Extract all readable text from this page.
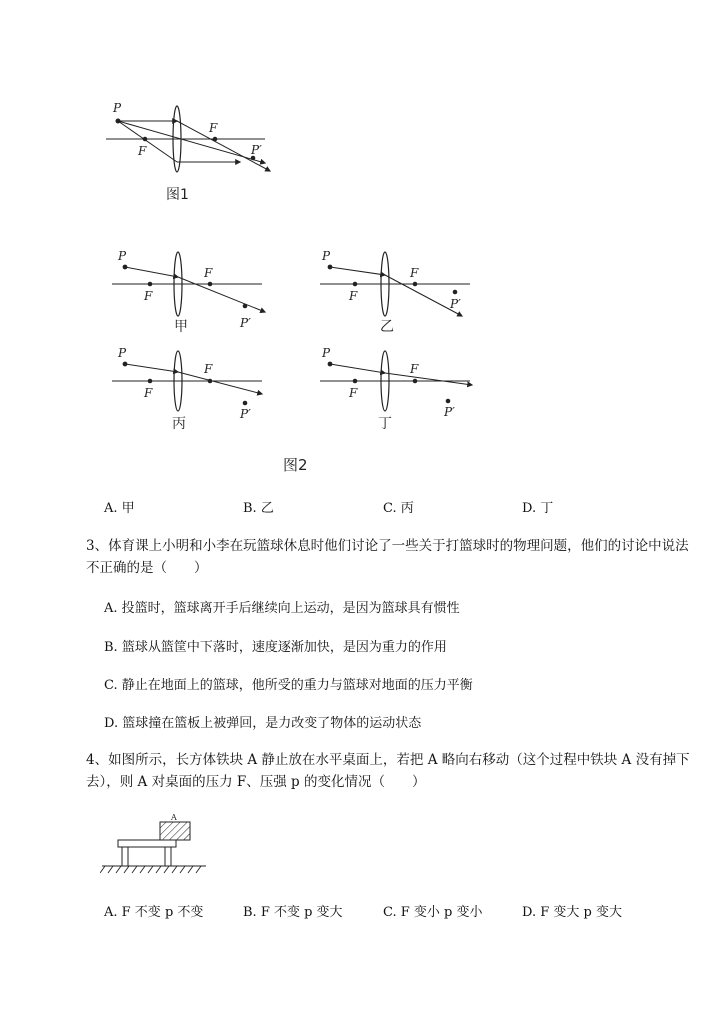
P
F
F	P′
图1
P
F
F
P′
P
F
F
P′
P
F
F
P′
P
F
F
P′
甲	乙
丙	丁
图2
A. 甲	B. 乙	C. 丙	D. 丁
3、体育课上小明和小李在玩篮球休息时他们讨论了一些关于打篮球时的物理问题，他们的讨论中说法
不正确的是（　　）
A. 投篮时，篮球离开手后继续向上运动，是因为篮球具有惯性
B. 篮球从篮筐中下落时，速度逐渐加快，是因为重力的作用
C. 静止在地面上的篮球，他所受的重力与篮球对地面的压力平衡
D. 篮球撞在篮板上被弹回，是力改变了物体的运动状态
4、如图所示，长方体铁块 A 静止放在水平桌面上，若把 A 略向右移动（这个过程中铁块 A 没有掉下
去），则 A 对桌面的压力 F、压强 p 的变化情况（　　）
A
A. F 不变 p 不变	B. F 不变 p 变大	C. F 变小 p 变小	D. F 变大 p 变大
